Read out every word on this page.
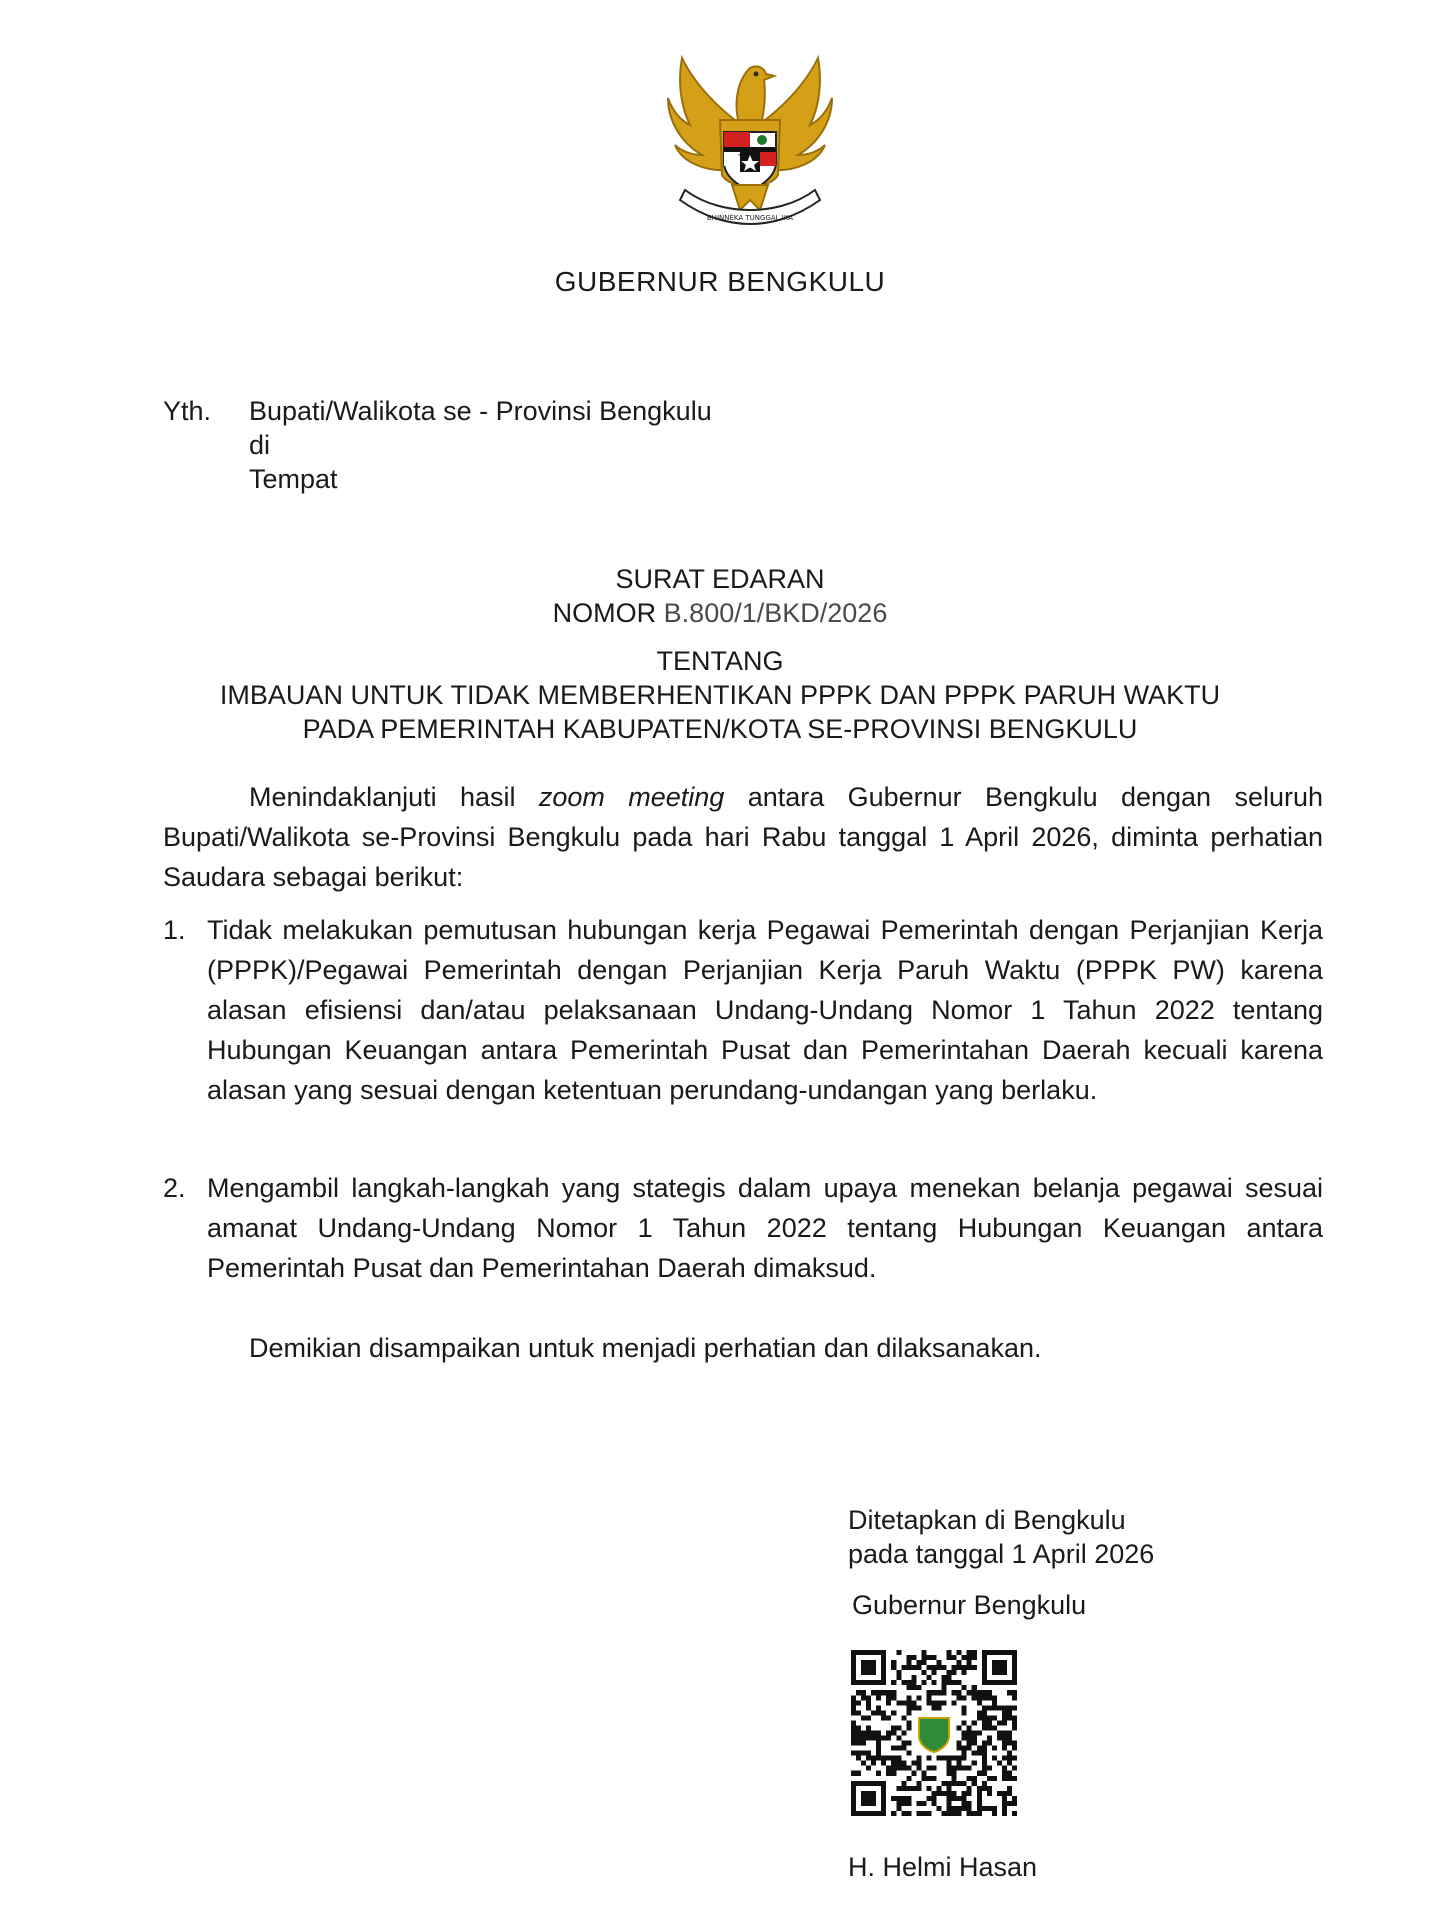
BHINNEKA TUNGGAL IKA
GUBERNUR BENGKULU
Yth. Bupati/Walikota se - Provinsi Bengkulu
di
Tempat
SURAT EDARAN
NOMOR B.800/1/BKD/2026
TENTANG
IMBAUAN UNTUK TIDAK MEMBERHENTIKAN PPPK DAN PPPK PARUH WAKTU
PADA PEMERINTAH KABUPATEN/KOTA SE-PROVINSI BENGKULU
Menindaklanjuti hasil zoom meeting antara Gubernur Bengkulu dengan seluruh Bupati/Walikota se-Provinsi Bengkulu pada hari Rabu tanggal 1 April 2026, diminta perhatian Saudara sebagai berikut:
1. Tidak melakukan pemutusan hubungan kerja Pegawai Pemerintah dengan Perjanjian Kerja (PPPK)/Pegawai Pemerintah dengan Perjanjian Kerja Paruh Waktu (PPPK PW) karena alasan efisiensi dan/atau pelaksanaan Undang-Undang Nomor 1 Tahun 2022 tentang Hubungan Keuangan antara Pemerintah Pusat dan Pemerintahan Daerah kecuali karena alasan yang sesuai dengan ketentuan perundang-undangan yang berlaku.
2. Mengambil langkah-langkah yang stategis dalam upaya menekan belanja pegawai sesuai amanat Undang-Undang Nomor 1 Tahun 2022 tentang Hubungan Keuangan antara Pemerintah Pusat dan Pemerintahan Daerah dimaksud.
Demikian disampaikan untuk menjadi perhatian dan dilaksanakan.
Ditetapkan di Bengkulu
pada tanggal 1 April 2026
Gubernur Bengkulu
H. Helmi Hasan
